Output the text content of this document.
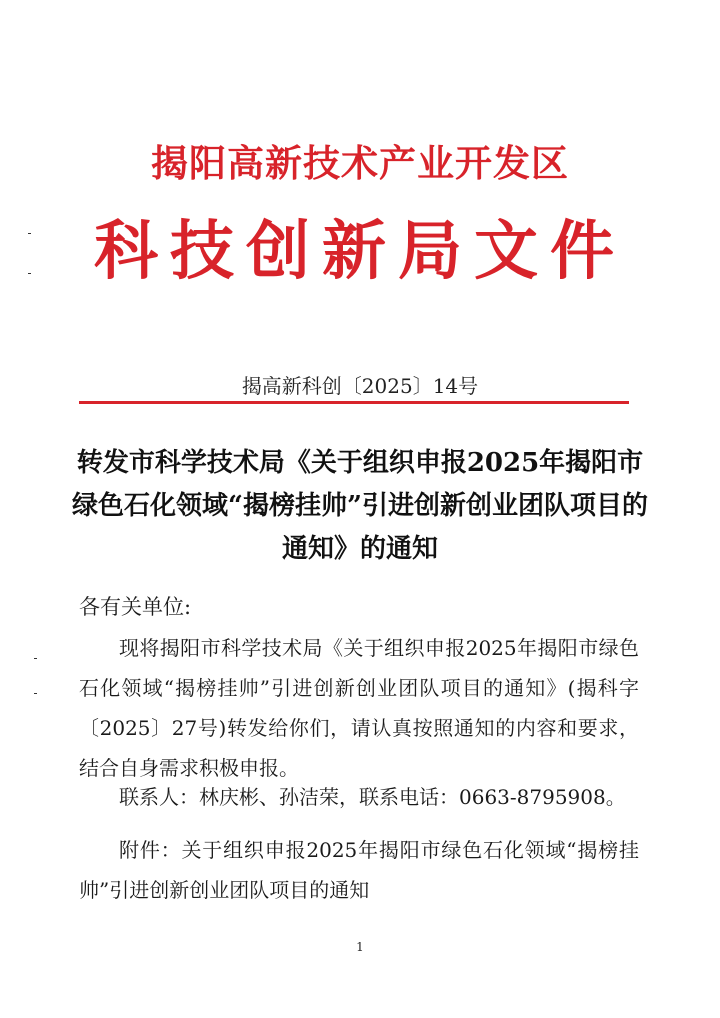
揭阳高新技术产业开发区
科技创新局文件
揭高新科创〔2025〕14号
转发市科学技术局《关于组织申报2025年揭阳市绿色石化领域“揭榜挂帅”引进创新创业团队项目的通知》的通知
各有关单位:
现将揭阳市科学技术局《关于组织申报2025年揭阳市绿色石化领域“揭榜挂帅”引进创新创业团队项目的通知》(揭科字〔2025〕27号)转发给你们，请认真按照通知的内容和要求，结合自身需求积极申报。
联系人：林庆彬、孙洁荣，联系电话：0663-8795908。
附件：关于组织申报2025年揭阳市绿色石化领域“揭榜挂帅”引进创新创业团队项目的通知
1
